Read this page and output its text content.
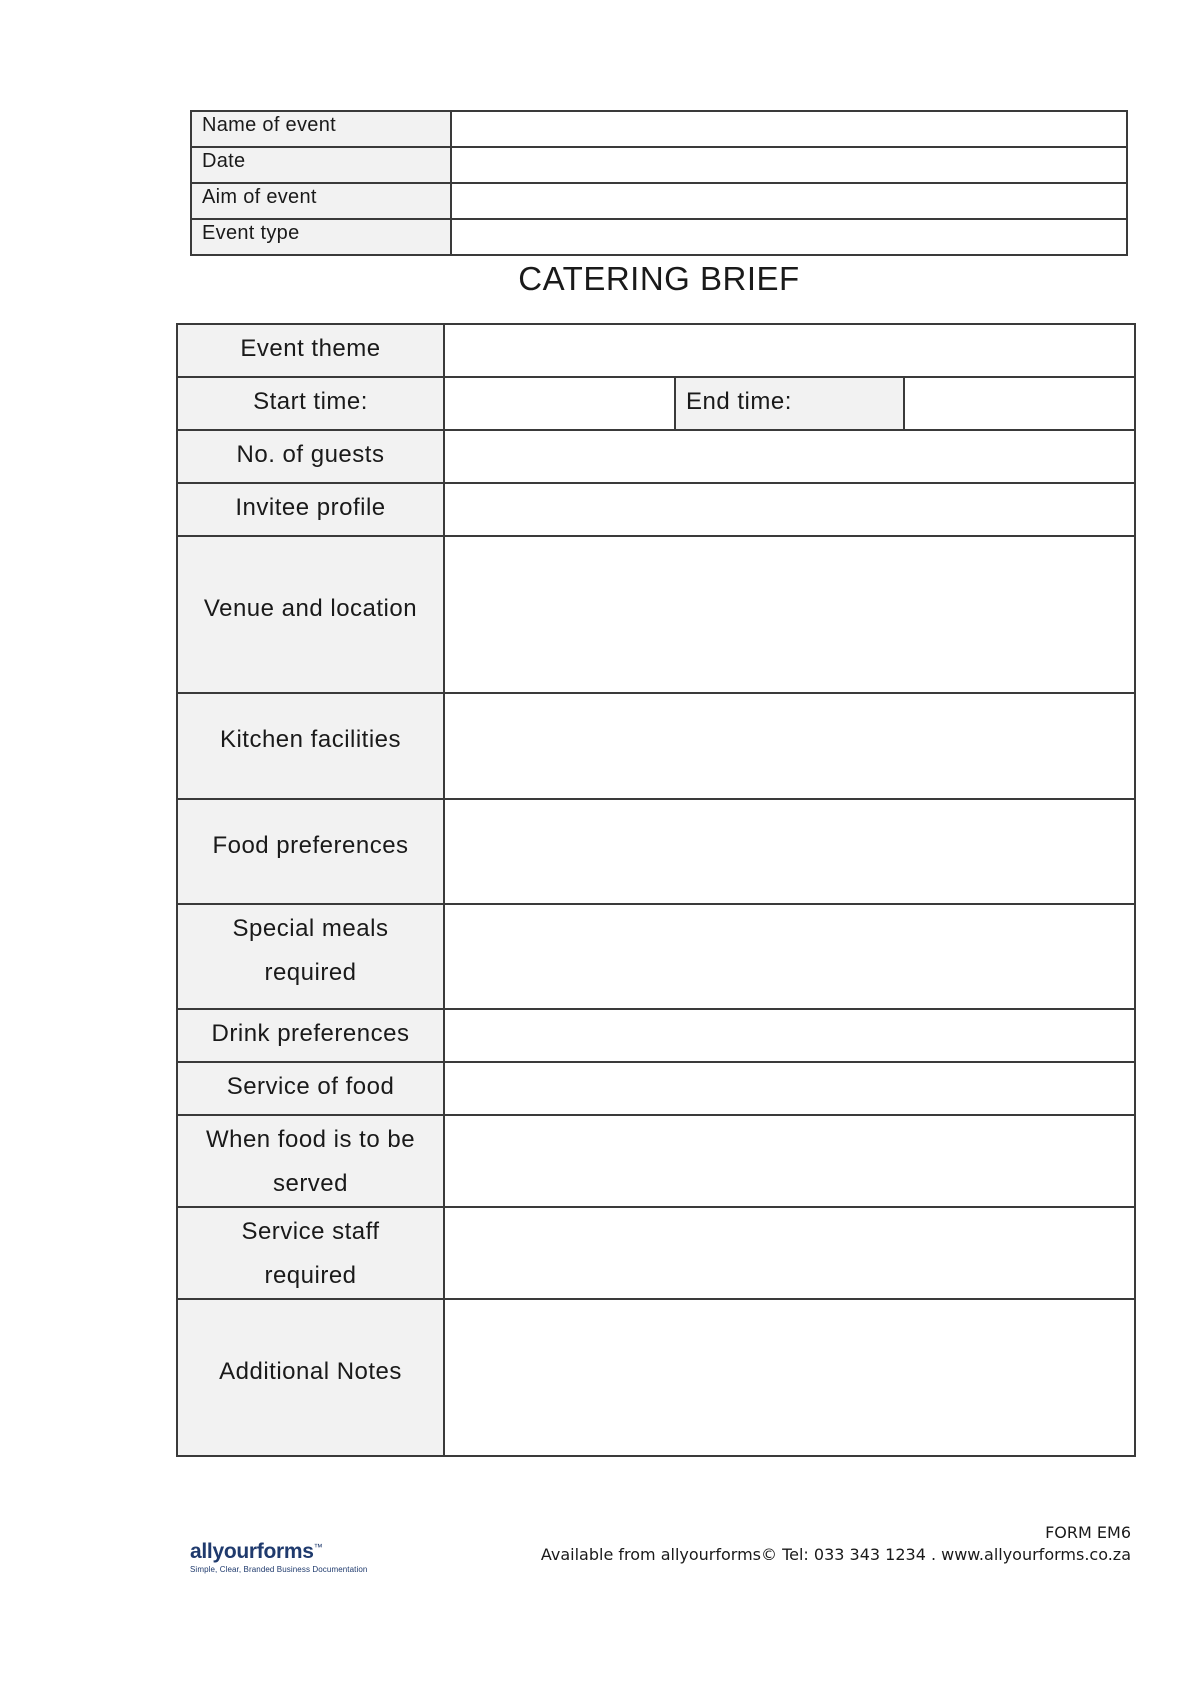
Name of event	
Date	
Aim of event	
Event type	
CATERING BRIEF
Event theme			
Start time:		End time:	
No. of guests			
Invitee profile			
Venue and location			
Kitchen facilities			
Food preferences			

Special meals
required			

Drink preferences			
Service of food			

When food is to be
served			

Service staff
required			

Additional Notes			
allyourforms™
Simple, Clear, Branded Business Documentation
FORM EM6
Available from allyourforms© Tel: 033 343 1234 . www.allyourforms.co.za
